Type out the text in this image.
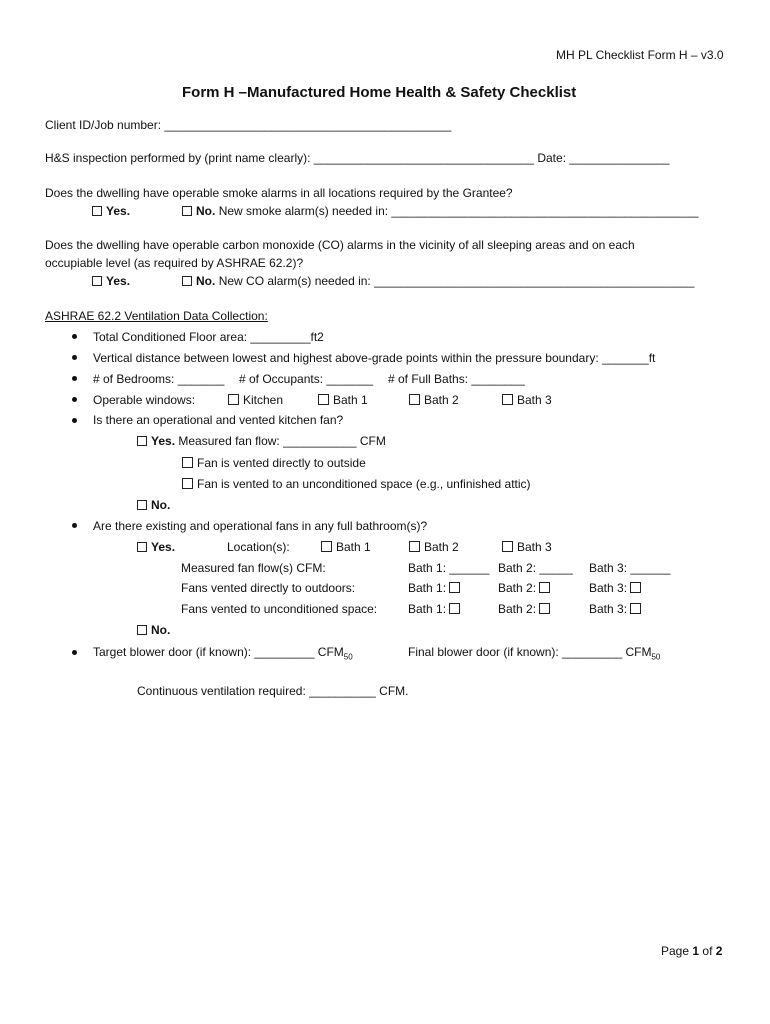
MH PL Checklist Form H – v3.0
Form H –Manufactured Home Health & Safety Checklist
Client ID/Job number: ___________________________________________
H&S inspection performed by (print name clearly): _________________________________ Date: _______________
Does the dwelling have operable smoke alarms in all locations required by the Grantee?
Yes.	No. New smoke alarm(s) needed in: ______________________________________________
Does the dwelling have operable carbon monoxide (CO) alarms in the vicinity of all sleeping areas and on each
occupiable level (as required by ASHRAE 62.2)?
Yes.	No. New CO alarm(s) needed in: ________________________________________________
ASHRAE 62.2 Ventilation Data Collection:
Total Conditioned Floor area: _________ft2
Vertical distance between lowest and highest above-grade points within the pressure boundary: _______ft
# of Bedrooms: _______ # of Occupants: _______ # of Full Baths: ________
Operable windows:	Kitchen	Bath 1	Bath 2	Bath 3
Is there an operational and vented kitchen fan?
Yes. Measured fan flow: ___________ CFM
Fan is vented directly to outside
Fan is vented to an unconditioned space (e.g., unfinished attic)
No.
Are there existing and operational fans in any full bathroom(s)?
Yes.	Location(s):	Bath 1	Bath 2	Bath 3
Measured fan flow(s) CFM:	Bath 1: ______ Bath 2: _____ Bath 3: ______
Fans vented directly to outdoors:	Bath 1:	Bath 2:	Bath 3:
Fans vented to unconditioned space:	Bath 1:	Bath 2:	Bath 3:
No.
Target blower door (if known): _________ $CFM_{50}$	Final blower door (if known): _________ $CFM_{50}$
Continuous ventilation required: __________ CFM.
Page 1 of 2
